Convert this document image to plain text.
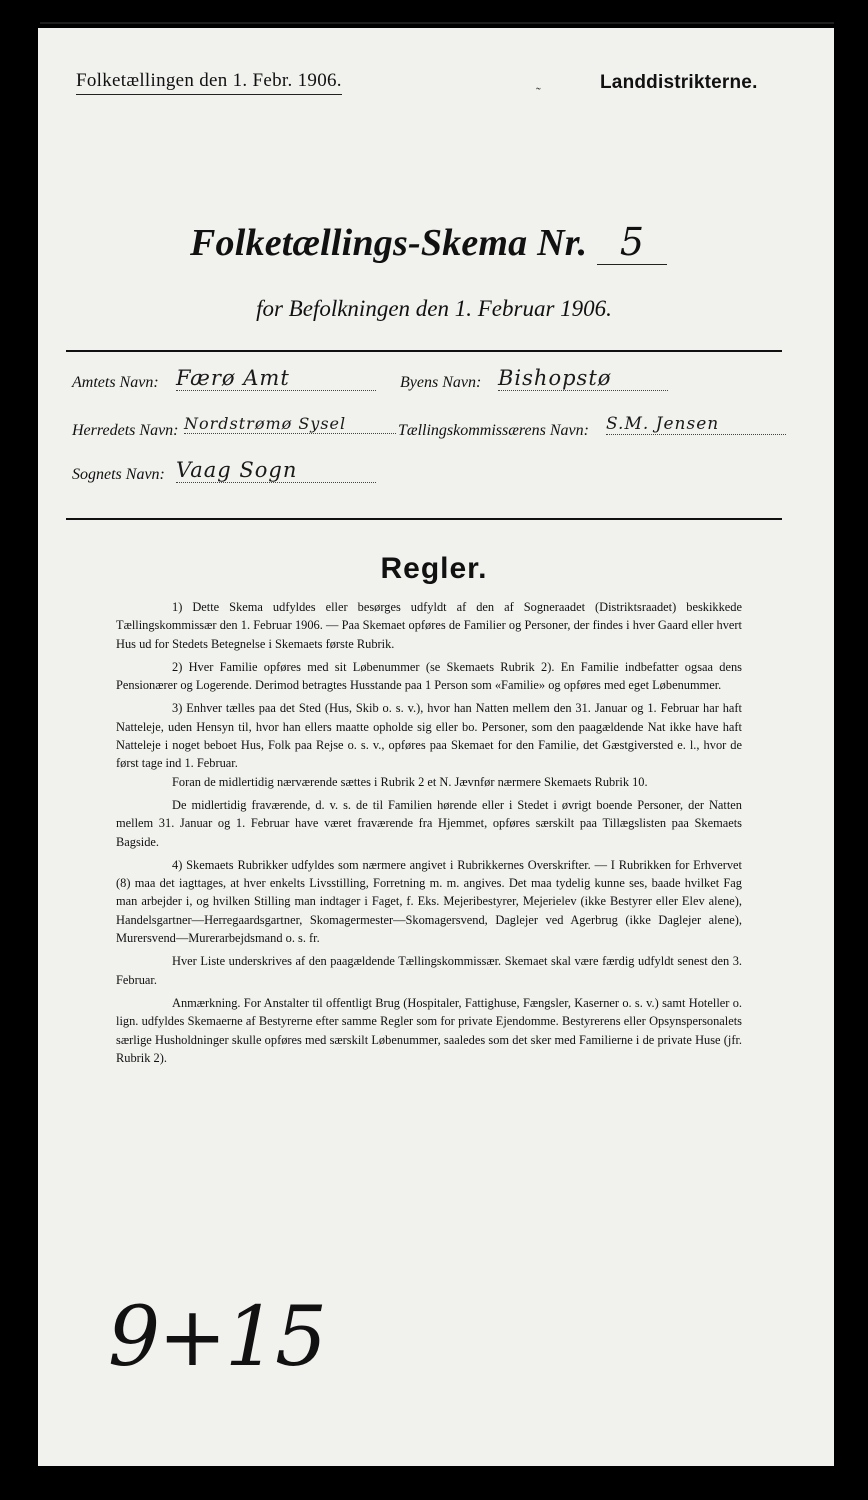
Folketællingen den 1. Febr. 1906.	Landdistrikterne.
˜
Folketællings-Skema Nr. 5
for Befolkningen den 1. Februar 1906.
Amtets Navn: Færø Amt	Byens Navn: Bishopstø
Herredets Navn: Nordstrømø Sysel	Tællingskommissærens Navn: S.M. Jensen
Sognets Navn: Vaag Sogn
Regler.

1) Dette Skema udfyldes eller besørges udfyldt af den af Sogneraadet (Distriktsraadet) beskikkede Tællingskommissær den 1. Februar 1906. — Paa Skemaet opføres de Familier og Personer, der findes i hver Gaard eller hvert Hus ud for Stedets Betegnelse i Skemaets første Rubrik.

2) Hver Familie opføres med sit Løbenummer (se Skemaets Rubrik 2). En Familie indbefatter ogsaa dens Pensionærer og Logerende. Derimod betragtes Husstande paa 1 Person som «Familie» og opføres med eget Løbenummer.

3) Enhver tælles paa det Sted (Hus, Skib o. s. v.), hvor han Natten mellem den 31. Januar og 1. Februar har haft Natteleje, uden Hensyn til, hvor han ellers maatte opholde sig eller bo. Personer, som den paagældende Nat ikke have haft Natteleje i noget beboet Hus, Folk paa Rejse o. s. v., opføres paa Skemaet for den Familie, det Gæstgiversted e. l., hvor de først tage ind 1. Februar.

Foran de midlertidig nærværende sættes i Rubrik 2 et N. Jævnfør nærmere Skemaets Rubrik 10.

De midlertidig fraværende, d. v. s. de til Familien hørende eller i Stedet i øvrigt boende Personer, der Natten mellem 31. Januar og 1. Februar have været fraværende fra Hjemmet, opføres særskilt paa Tillægslisten paa Skemaets Bagside.

4) Skemaets Rubrikker udfyldes som nærmere angivet i Rubrikkernes Overskrifter. — I Rubrikken for Erhvervet (8) maa det iagttages, at hver enkelts Livsstilling, Forretning m. m. angives. Det maa tydelig kunne ses, baade hvilket Fag man arbejder i, og hvilken Stilling man indtager i Faget, f. Eks. Mejeribestyrer, Mejerielev (ikke Bestyrer eller Elev alene), Handelsgartner—Herregaardsgartner, Skomagermester—Skomagersvend, Daglejer ved Agerbrug (ikke Daglejer alene), Murersvend—Murerarbejdsmand o. s. fr.

Hver Liste underskrives af den paagældende Tællingskommissær. Skemaet skal være færdig udfyldt senest den 3. Februar.

Anmærkning. For Anstalter til offentligt Brug (Hospitaler, Fattighuse, Fængsler, Kaserner o. s. v.) samt Hoteller o. lign. udfyldes Skemaerne af Bestyrerne efter samme Regler som for private Ejendomme. Bestyrerens eller Opsynspersonalets særlige Husholdninger skulle opføres med særskilt Løbenummer, saaledes som det sker med Familierne i de private Huse (jfr. Rubrik 2).

9+15
